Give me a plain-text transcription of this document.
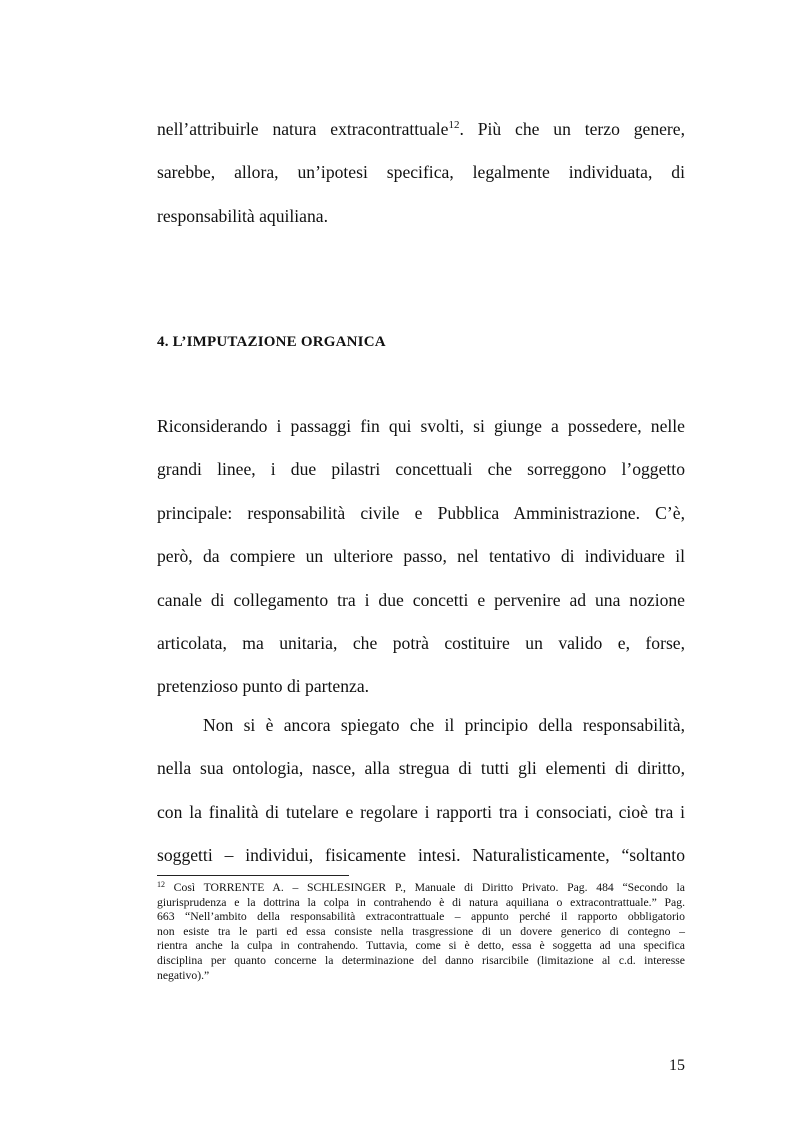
nell’attribuirle natura extracontrattuale$^{12}$. Più che un terzo genere,
sarebbe, allora, un’ipotesi specifica, legalmente individuata, di
responsabilità aquiliana.
4. L’IMPUTAZIONE ORGANICA
Riconsiderando i passaggi fin qui svolti, si giunge a possedere, nelle
grandi linee, i due pilastri concettuali che sorreggono l’oggetto
principale: responsabilità civile e Pubblica Amministrazione. C’è,
però, da compiere un ulteriore passo, nel tentativo di individuare il
canale di collegamento tra i due concetti e pervenire ad una nozione
articolata, ma unitaria, che potrà costituire un valido e, forse,
pretenzioso punto di partenza.
Non si è ancora spiegato che il principio della responsabilità,
nella sua ontologia, nasce, alla stregua di tutti gli elementi di diritto,
con la finalità di tutelare e regolare i rapporti tra i consociati, cioè tra i
soggetti – individui, fisicamente intesi. Naturalisticamente, “soltanto
$^{12}$ Così TORRENTE A. – SCHLESINGER P., Manuale di Diritto Privato. Pag. 484 “Secondo la
giurisprudenza e la dottrina la colpa in contrahendo è di natura aquiliana o extracontrattuale.” Pag.
663 “Nell’ambito della responsabilità extracontrattuale – appunto perché il rapporto obbligatorio
non esiste tra le parti ed essa consiste nella trasgressione di un dovere generico di contegno –
rientra anche la culpa in contrahendo. Tuttavia, come si è detto, essa è soggetta ad una specifica
disciplina per quanto concerne la determinazione del danno risarcibile (limitazione al c.d. interesse
negativo).”
15
